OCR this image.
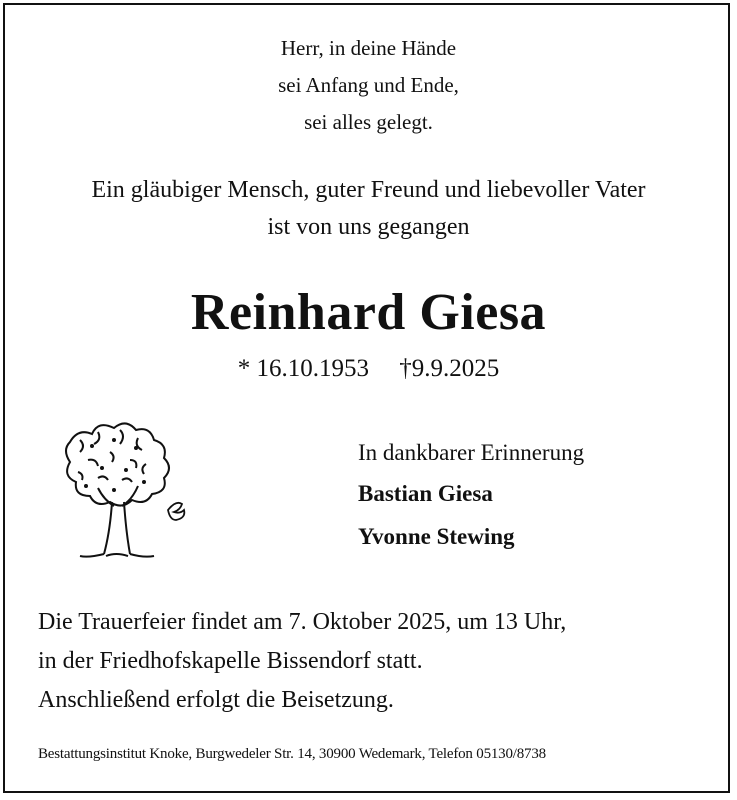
Herr, in deine Hände
sei Anfang und Ende,
sei alles gelegt.
Ein gläubiger Mensch, guter Freund und liebevoller Vater
ist von uns gegangen
Reinhard Giesa
* 16.10.1953 †9.9.2025
In dankbarer Erinnerung
Bastian Giesa
Yvonne Stewing
Die Trauerfeier findet am 7. Oktober 2025, um 13 Uhr,
in der Friedhofskapelle Bissendorf statt.
Anschließend erfolgt die Beisetzung.
Bestattungsinstitut Knoke, Burgwedeler Str. 14, 30900 Wedemark, Telefon 05130/8738
